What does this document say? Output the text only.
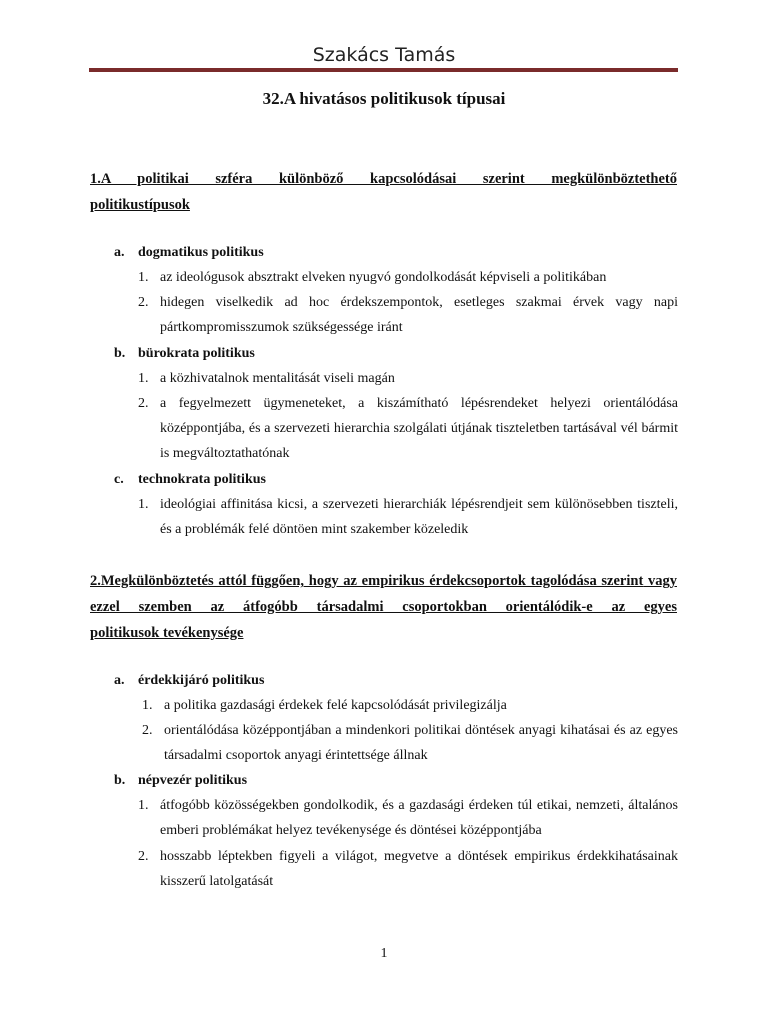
Szakács Tamás
32.A hivatásos politikusok típusai
1.A politikai szféra különböző kapcsolódásai szerint megkülönböztethető
politikustípusok
a. dogmatikus politikus
1. az ideológusok absztrakt elveken nyugvó gondolkodását képviseli a politikában
2. hidegen viselkedik ad hoc érdekszempontok, esetleges szakmai érvek vagy napi pártkompromisszumok szükségessége iránt
b. bürokrata politikus
1. a közhivatalnok mentalitását viseli magán
2. a fegyelmezett ügymeneteket, a kiszámítható lépésrendeket helyezi orientálódása középpontjába, és a szervezeti hierarchia szolgálati útjának tiszteletben tartásával vél bármit is megváltoztathatónak
c. technokrata politikus
1. ideológiai affinitása kicsi, a szervezeti hierarchiák lépésrendjeit sem különösebben tiszteli, és a problémák felé döntöen mint szakember közeledik
2.Megkülönböztetés attól függően, hogy az empirikus érdekcsoportok tagolódása szerint vagy ezzel szemben az átfogóbb társadalmi csoportokban orientálódik-e az egyes
politikusok tevékenysége
a. érdekkijáró politikus
1. a politika gazdasági érdekek felé kapcsolódását privilegizálja
2. orientálódása középpontjában a mindenkori politikai döntések anyagi kihatásai és az egyes társadalmi csoportok anyagi érintettsége állnak
b. népvezér politikus
1. átfogóbb közösségekben gondolkodik, és a gazdasági érdeken túl etikai, nemzeti, általános emberi problémákat helyez tevékenysége és döntései középpontjába
2. hosszabb léptekben figyeli a világot, megvetve a döntések empirikus érdekkihatásainak kisszerű latolgatását
1
